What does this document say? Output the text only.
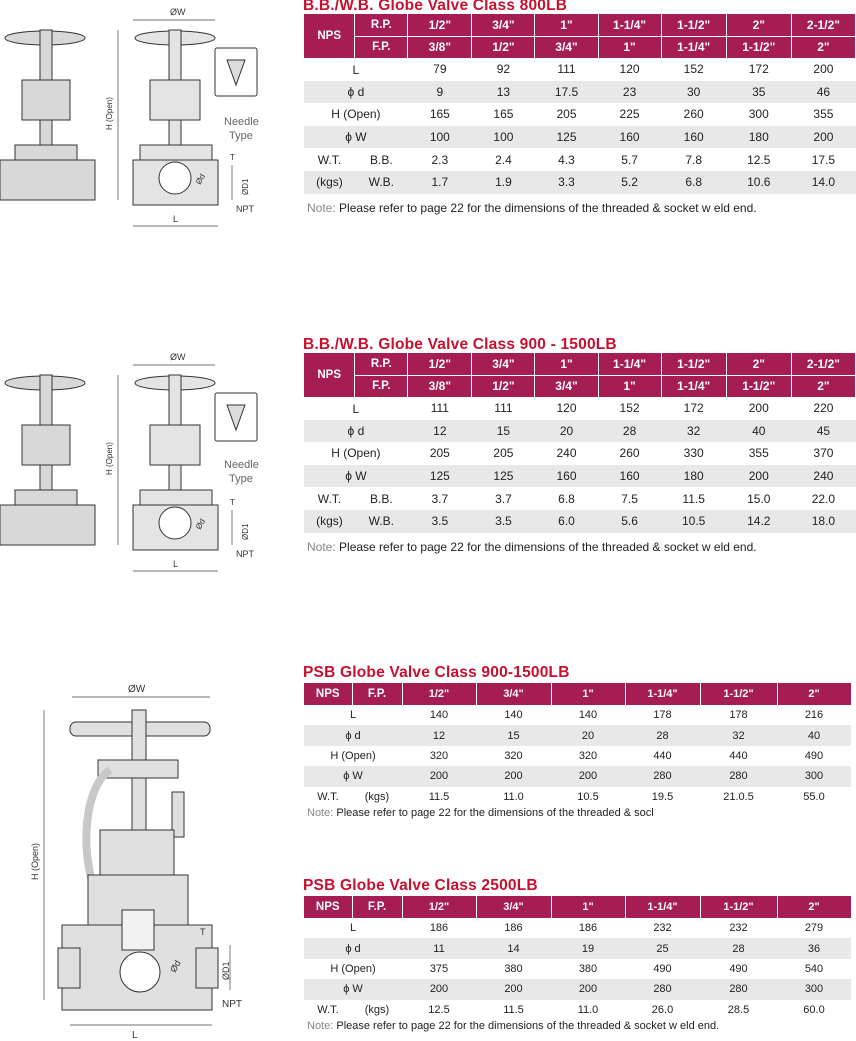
ØW
H (Open)
L
T
ØD1
Ød
NPT
Needle
Type
B.B./W.B. Globe Valve Class 800LB
NPS	R.P.	1/2"	3/4"	1"	1-1/4"	1-1/2"	2"	2-1/2"
	F.P.	3/8"	1/2"	3/4"	1"	1-1/4"	1-1/2"	2"
L		79	92	111	120	152	172	200
ϕ d		9	13	17.5	23	30	35	46
H (Open)		165	165	205	225	260	300	355
ϕ W		100	100	125	160	160	180	200
W.T.	B.B.	2.3	2.4	4.3	5.7	7.8	12.5	17.5
(kgs)	W.B.	1.7	1.9	3.3	5.2	6.8	10.6	14.0
Note: Please refer to page 22 for the dimensions of the threaded & socket w eld end.
ØW
H (Open)
L
T
ØD1
Ød
NPT
Needle
Type
B.B./W.B. Globe Valve Class 900 - 1500LB
NPS	R.P.	1/2"	3/4"	1"	1-1/4"	1-1/2"	2"	2-1/2"
	F.P.	3/8"	1/2"	3/4"	1"	1-1/4"	1-1/2"	2"
L		111	111	120	152	172	200	220
ϕ d		12	15	20	28	32	40	45
H (Open)		205	205	240	260	330	355	370
ϕ W		125	125	160	160	180	200	240
W.T.	B.B.	3.7	3.7	6.8	7.5	11.5	15.0	22.0
(kgs)	W.B.	3.5	3.5	6.0	5.6	10.5	14.2	18.0
Note: Please refer to page 22 for the dimensions of the threaded & socket w eld end.
ØW
H (Open)
L
T
ØD1
Ød
NPT
PSB Globe Valve Class 900-1500LB
NPS	F.P.	1/2"	3/4"	1"	1-1/4"	1-1/2"	2"
L		140	140	140	178	178	216
ϕ d		12	15	20	28	32	40
H (Open)		320	320	320	440	440	490
ϕ W		200	200	200	280	280	300
W.T.	(kgs)	11.5	11.0	10.5	19.5	21.0.5	55.0
Note: Please refer to page 22 for the dimensions of the threaded & socl
PSB Globe Valve Class 2500LB
NPS	F.P.	1/2"	3/4"	1"	1-1/4"	1-1/2"	2"
L		186	186	186	232	232	279
ϕ d		11	14	19	25	28	36
H (Open)		375	380	380	490	490	540
ϕ W		200	200	200	280	280	300
W.T.	(kgs)	12.5	11.5	11.0	26.0	28.5	60.0
Note: Please refer to page 22 for the dimensions of the threaded & socket w eld end.
